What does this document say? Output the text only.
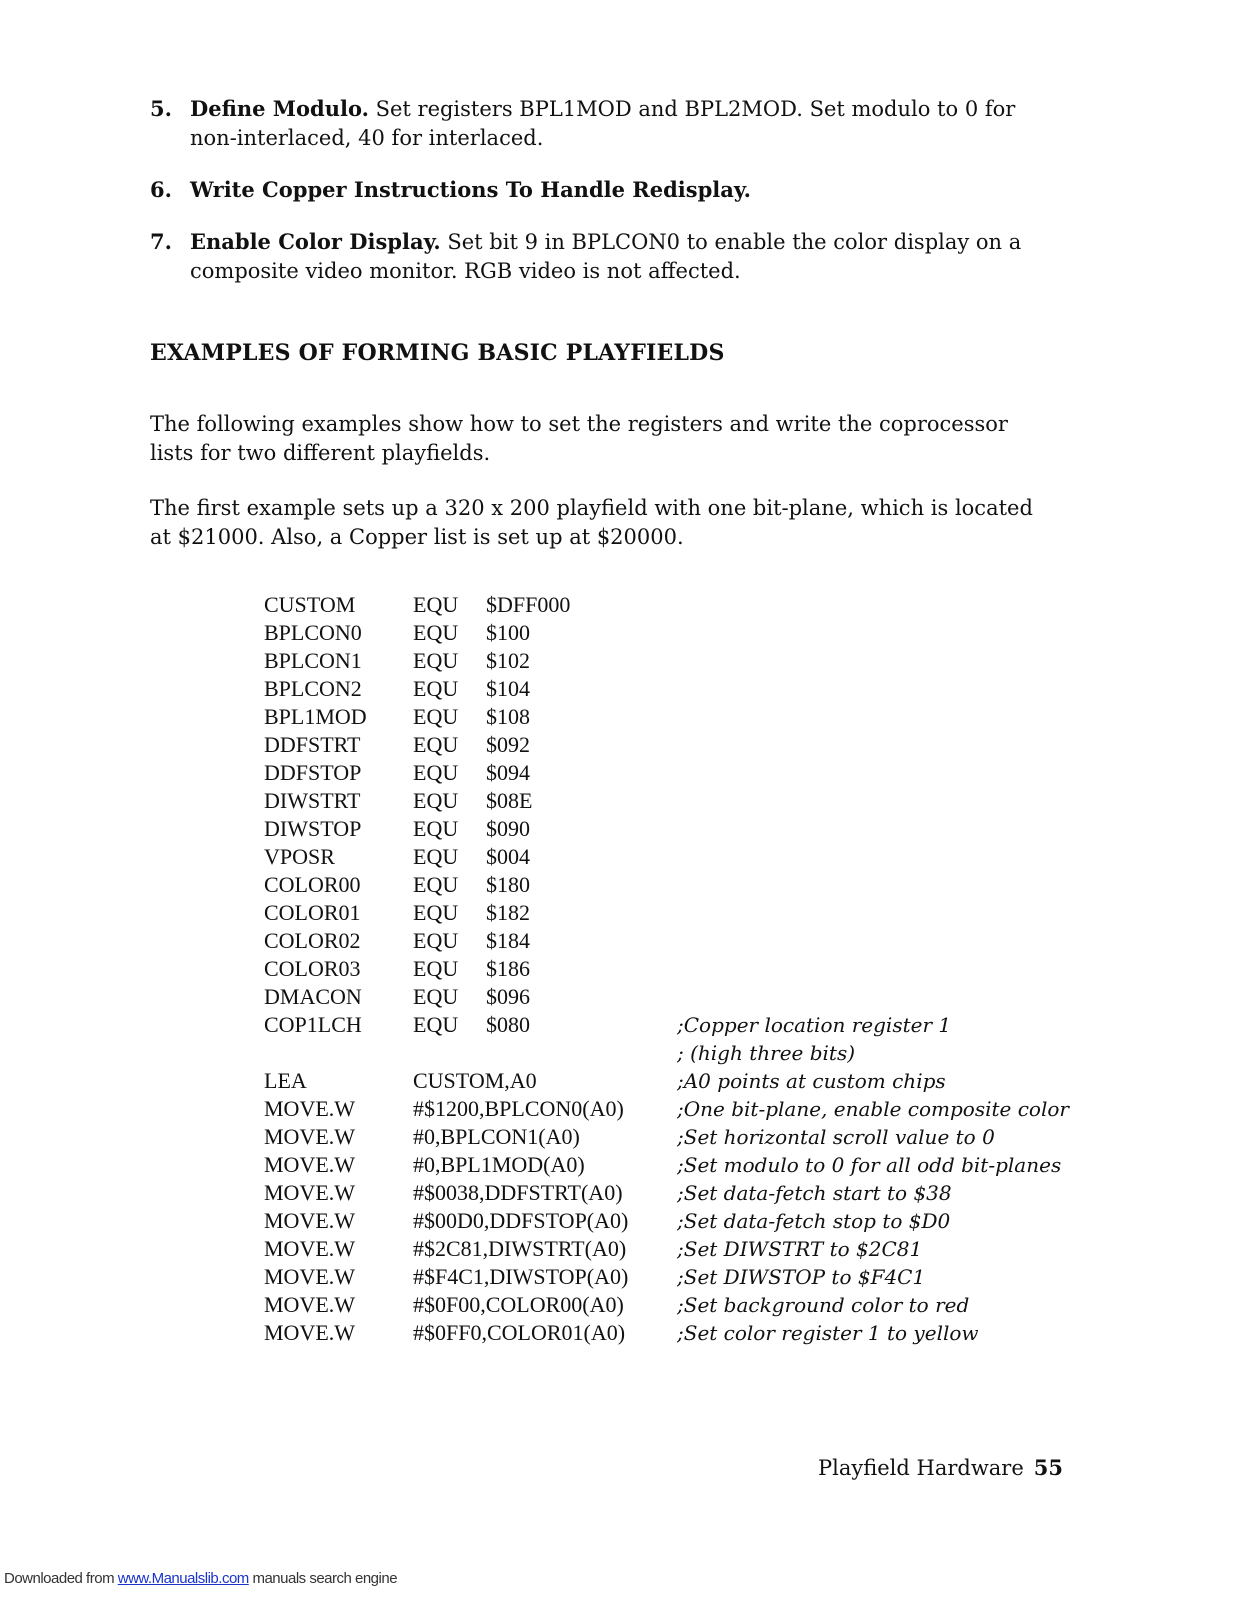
5. Define Modulo. Set registers BPL1MOD and BPL2MOD. Set modulo to 0 for non-interlaced, 40 for interlaced.
6. Write Copper Instructions To Handle Redisplay.
7. Enable Color Display. Set bit 9 in BPLCON0 to enable the color display on a composite video monitor. RGB video is not affected.
EXAMPLES OF FORMING BASIC PLAYFIELDS
The following examples show how to set the registers and write the coprocessor lists for two different playfields.
The first example sets up a 320 x 200 playfield with one bit-plane, which is located at $21000. Also, a Copper list is set up at $20000.
CUSTOM	EQU $DFF000
BPLCON0 EQU $100
BPLCON1 EQU $102
BPLCON2 EQU $104
BPL1MOD EQU $108
DDFSTRT EQU $092
DDFSTOP EQU $094
DIWSTRT EQU $08E
DIWSTOP EQU $090
VPOSR	EQU $004
COLOR00 EQU $180
COLOR01 EQU $182
COLOR02 EQU $184
COLOR03 EQU $186
DMACON EQU $096
COP1LCH EQU $080	;Copper location register 1
; (high three bits)
LEA	CUSTOM,A0	;A0 points at custom chips
MOVE.W	#$1200,BPLCON0(A0)	;One bit-plane, enable composite color
MOVE.W	#0,BPLCON1(A0)	;Set horizontal scroll value to 0
MOVE.W	#0,BPL1MOD(A0)	;Set modulo to 0 for all odd bit-planes
MOVE.W	#$0038,DDFSTRT(A0)	;Set data-fetch start to $38
MOVE.W	#$00D0,DDFSTOP(A0) ;Set data-fetch stop to $D0
MOVE.W	#$2C81,DIWSTRT(A0)	;Set DIWSTRT to $2C81
MOVE.W	#$F4C1,DIWSTOP(A0) ;Set DIWSTOP to $F4C1
MOVE.W	#$0F00,COLOR00(A0)	;Set background color to red
MOVE.W	#$0FF0,COLOR01(A0)	;Set color register 1 to yellow
Playfield Hardware 55
Downloaded from www.Manualslib.com manuals search engine
